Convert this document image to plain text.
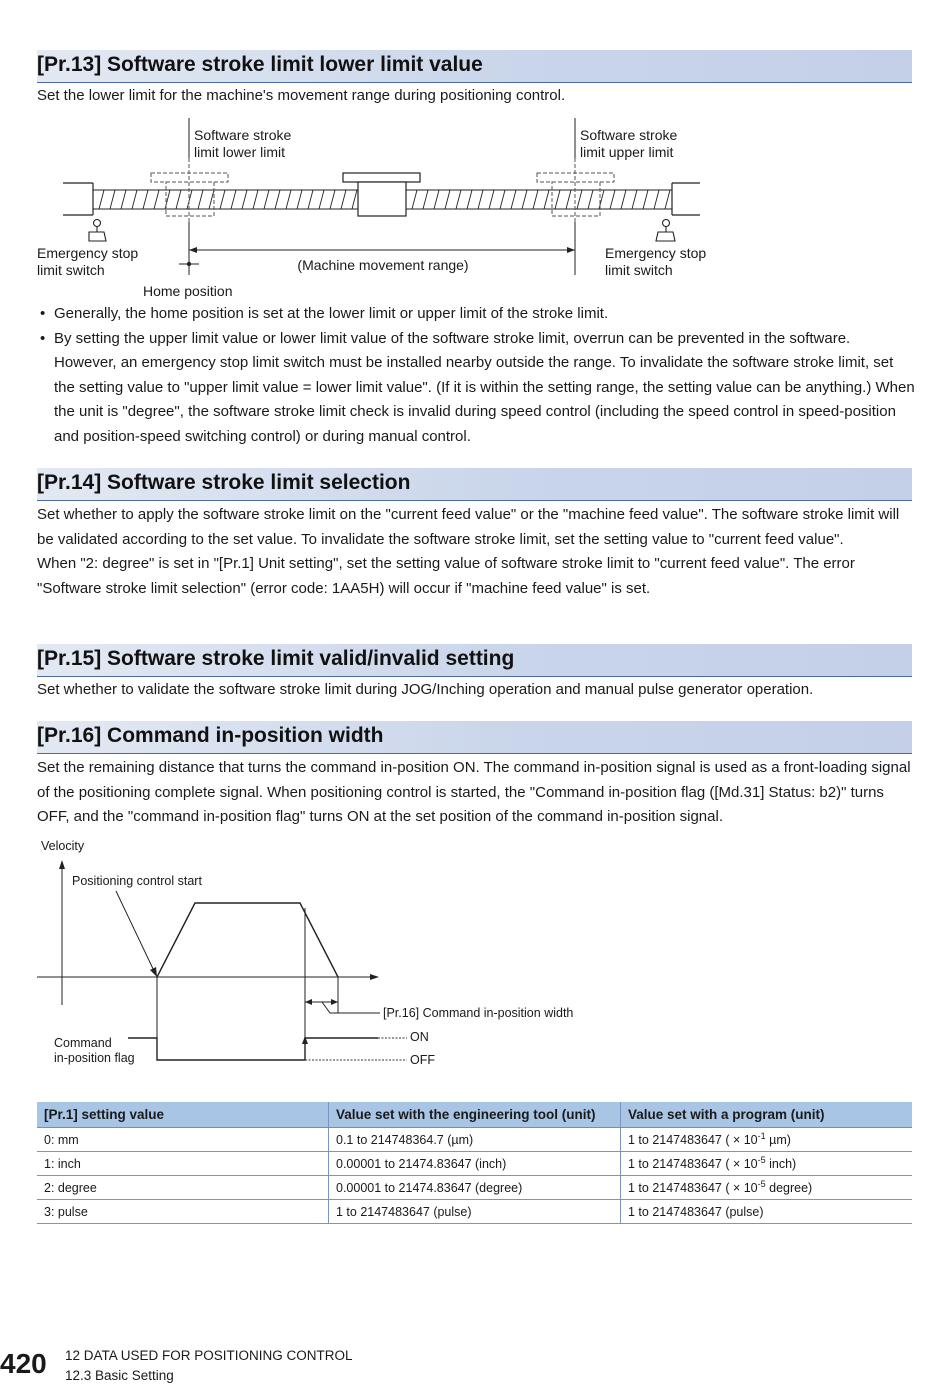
[Pr.13] Software stroke limit lower limit value

Set the lower limit for the machine's movement range during positioning control.

Software stroke
limit lower limit
Software stroke
limit upper limit
(Machine movement range)
Home position
Emergency stop
limit switch
Emergency stop
limit switch
• Generally, the home position is set at the lower limit or upper limit of the stroke limit.
• By setting the upper limit value or lower limit value of the software stroke limit, overrun can be prevented in the software. However, an emergency stop limit switch must be installed nearby outside the range. To invalidate the software stroke limit, set the setting value to "upper limit value = lower limit value". (If it is within the setting range, the setting value can be anything.) When the unit is "degree", the software stroke limit check is invalid during speed control (including the speed control in speed-position and position-speed switching control) or during manual control.
[Pr.14] Software stroke limit selection

Set whether to apply the software stroke limit on the "current feed value" or the "machine feed value". The software stroke limit will be validated according to the set value. To invalidate the software stroke limit, set the setting value to "current feed value".

When "2: degree" is set in "[Pr.1] Unit setting", set the setting value of software stroke limit to "current feed value". The error "Software stroke limit selection" (error code: 1AA5H) will occur if "machine feed value" is set.

[Pr.15] Software stroke limit valid/invalid setting

Set whether to validate the software stroke limit during JOG/Inching operation and manual pulse generator operation.

[Pr.16] Command in-position width

Set the remaining distance that turns the command in-position ON. The command in-position signal is used as a front-loading signal of the positioning complete signal. When positioning control is started, the "Command in-position flag ([Md.31] Status: b2)" turns OFF, and the "command in-position flag" turns ON at the set position of the command in-position signal.

Velocity
Positioning control start
[Pr.16] Command in-position width
ON
OFF
Command
in-position flag
[Pr.1] setting value	Value set with the engineering tool (unit)	Value set with a program (unit)
0: mm	0.1 to 214748364.7 (µm)	1 to 2147483647 ( × $10^{-1}$ µm)
1: inch	0.00001 to 21474.83647 (inch)	1 to 2147483647 ( × $10^{-5}$ inch)
2: degree	0.00001 to 21474.83647 (degree)	1 to 2147483647 ( × $10^{-5}$ degree)
3: pulse	1 to 2147483647 (pulse)	1 to 2147483647 (pulse)
420 12 DATA USED FOR POSITIONING CONTROL
12.3 Basic Setting
